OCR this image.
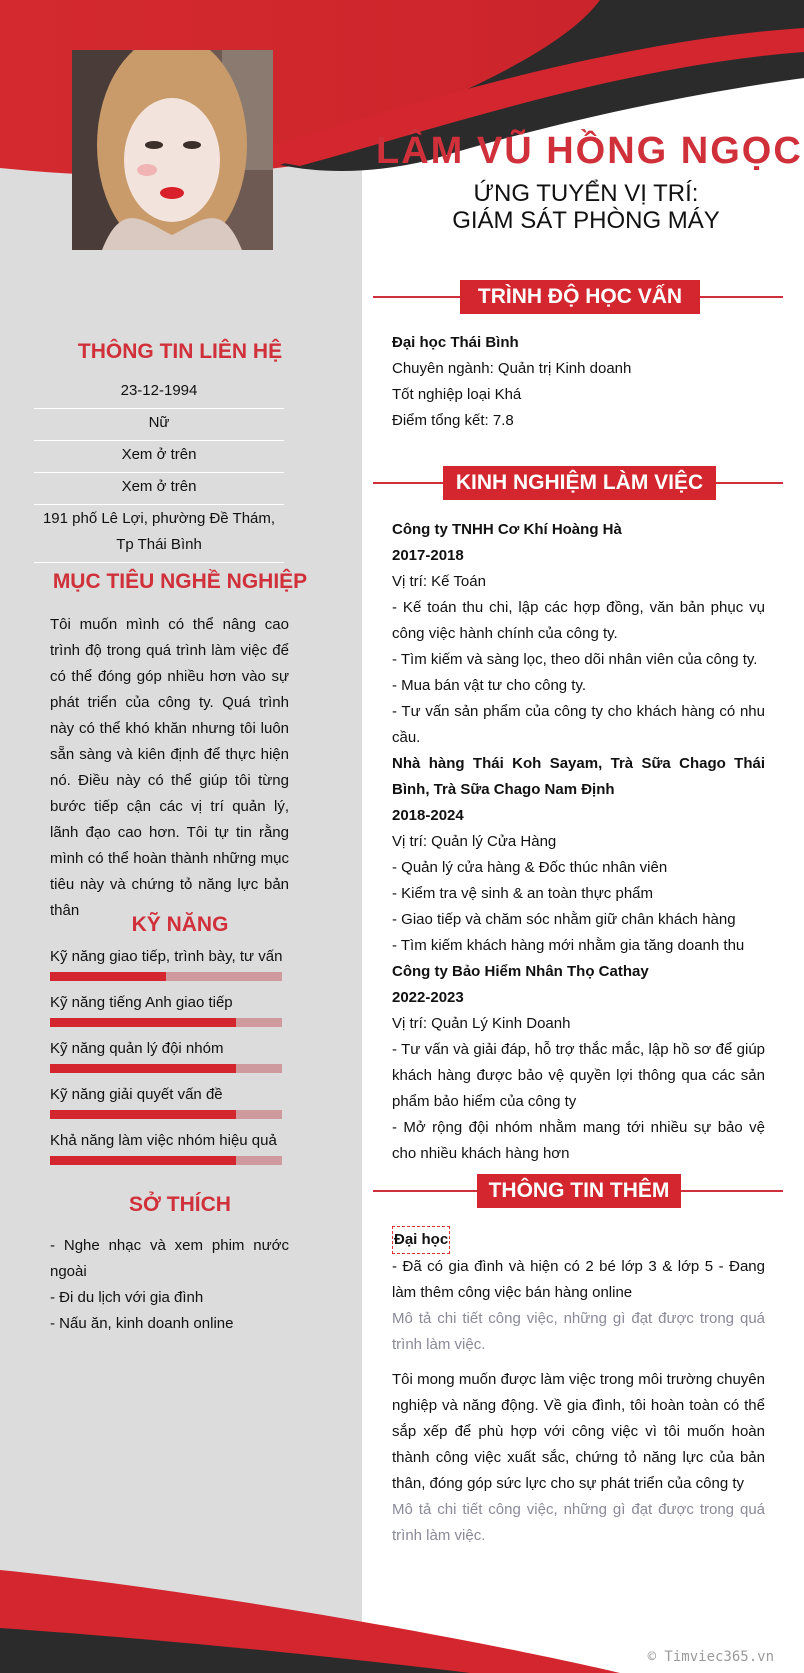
LÂM VŨ HỒNG NGỌC
ỨNG TUYỂN VỊ TRÍ:
GIÁM SÁT PHÒNG MÁY
THÔNG TIN LIÊN HỆ
23-12-1994
Nữ
Xem ở trên
Xem ở trên
191 phố Lê Lợi, phường Đề Thám, Tp Thái Bình
MỤC TIÊU NGHỀ NGHIỆP

Tôi muốn mình có thể nâng cao trình độ trong quá trình làm việc để có thể đóng góp nhiều hơn vào sự phát triển của công ty. Quá trình này có thể khó khăn nhưng tôi luôn sẵn sàng và kiên định để thực hiện nó. Điều này có thể giúp tôi từng bước tiếp cận các vị trí quản lý, lãnh đạo cao hơn. Tôi tự tin rằng mình có thể hoàn thành những mục tiêu này và chứng tỏ năng lực bản thân

KỸ NĂNG
Kỹ năng giao tiếp, trình bày, tư vấn
Kỹ năng tiếng Anh giao tiếp
Kỹ năng quản lý đội nhóm
Kỹ năng giải quyết vấn đề
Khả năng làm việc nhóm hiệu quả
SỞ THÍCH
- Nghe nhạc và xem phim nước ngoài
- Đi du lịch với gia đình
- Nấu ăn, kinh doanh online
TRÌNH ĐỘ HỌC VẤN
Đại học Thái Bình
Chuyên ngành: Quản trị Kinh doanh
Tốt nghiệp loại Khá
Điểm tổng kết: 7.8
KINH NGHIỆM LÀM VIỆC
Công ty TNHH Cơ Khí Hoàng Hà
2017-2018
Vị trí: Kế Toán

- Kế toán thu chi, lập các hợp đồng, văn bản phục vụ công việc hành chính của công ty.

- Tìm kiếm và sàng lọc, theo dõi nhân viên của công ty.

- Mua bán vật tư cho công ty.

- Tư vấn sản phẩm của công ty cho khách hàng có nhu cầu.

Nhà hàng Thái Koh Sayam, Trà Sữa Chago Thái Bình, Trà Sữa Chago Nam Định

2018-2024
Vị trí: Quản lý Cửa Hàng

- Quản lý cửa hàng & Đốc thúc nhân viên

- Kiểm tra vệ sinh & an toàn thực phẩm

- Giao tiếp và chăm sóc nhằm giữ chân khách hàng

- Tìm kiếm khách hàng mới nhằm gia tăng doanh thu

Công ty Bảo Hiểm Nhân Thọ Cathay
2022-2023
Vị trí: Quản Lý Kinh Doanh

- Tư vấn và giải đáp, hỗ trợ thắc mắc, lập hồ sơ để giúp khách hàng được bảo vệ quyền lợi thông qua các sản phẩm bảo hiểm của công ty

- Mở rộng đội nhóm nhằm mang tới nhiều sự bảo vệ cho nhiều khách hàng hơn

THÔNG TIN THÊM
Đại học

- Đã có gia đình và hiện có 2 bé lớp 3 & lớp 5 - Đang làm thêm công việc bán hàng online

Mô tả chi tiết công việc, những gì đạt được trong quá trình làm việc.

Tôi mong muốn được làm việc trong môi trường chuyên nghiệp và năng động. Về gia đình, tôi hoàn toàn có thể sắp xếp để phù hợp với công việc vì tôi muốn hoàn thành công việc xuất sắc, chứng tỏ năng lực của bản thân, đóng góp sức lực cho sự phát triển của công ty

Mô tả chi tiết công việc, những gì đạt được trong quá trình làm việc.

© Timviec365.vn
